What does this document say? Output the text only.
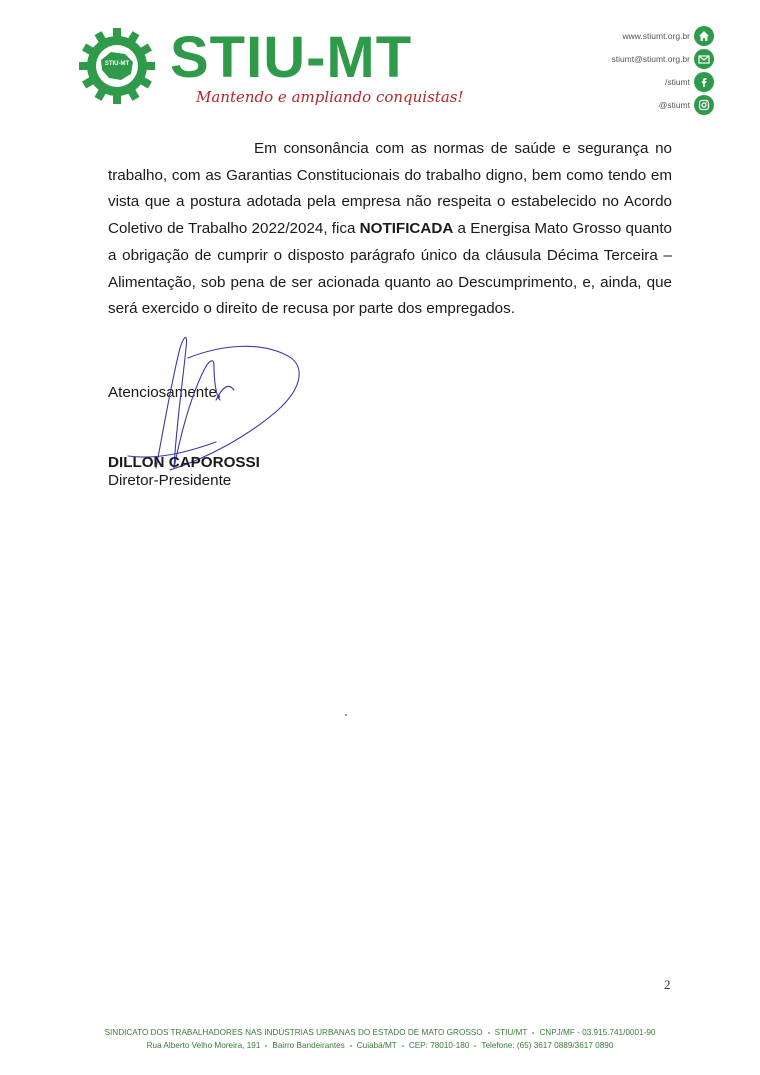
STIU-MT STIU-MT
Mantendo e ampliando conquistas!
www.stiumt.org.br
stiumt@stiumt.org.br
/stiumt
@stiumt

Em consonância com as normas de saúde e segurança no trabalho, com as Garantias Constitucionais do trabalho digno, bem como tendo em vista que a postura adotada pela empresa não respeita o estabelecido no Acordo Coletivo de Trabalho 2022/2024, fica NOTIFICADA a Energisa Mato Grosso quanto a obrigação de cumprir o disposto parágrafo único da cláusula Décima Terceira – Alimentação, sob pena de ser acionada quanto ao Descumprimento, e, ainda, que será exercido o direito de recusa por parte dos empregados.

Atenciosamente,
DILLON CAPOROSSI
Diretor-Presidente
2
SINDICATO DOS TRABALHADORES NAS INDÚSTRIAS URBANAS DO ESTADO DE MATO GROSSO STIU/MT CNPJ/MF - 03.915.741/0001-90
Rua Alberto Velho Moreira, 191 Bairro Bandeirantes Cuiabá/MT CEP: 78010-180 Telefone: (65) 3617 0889/3617 0890
